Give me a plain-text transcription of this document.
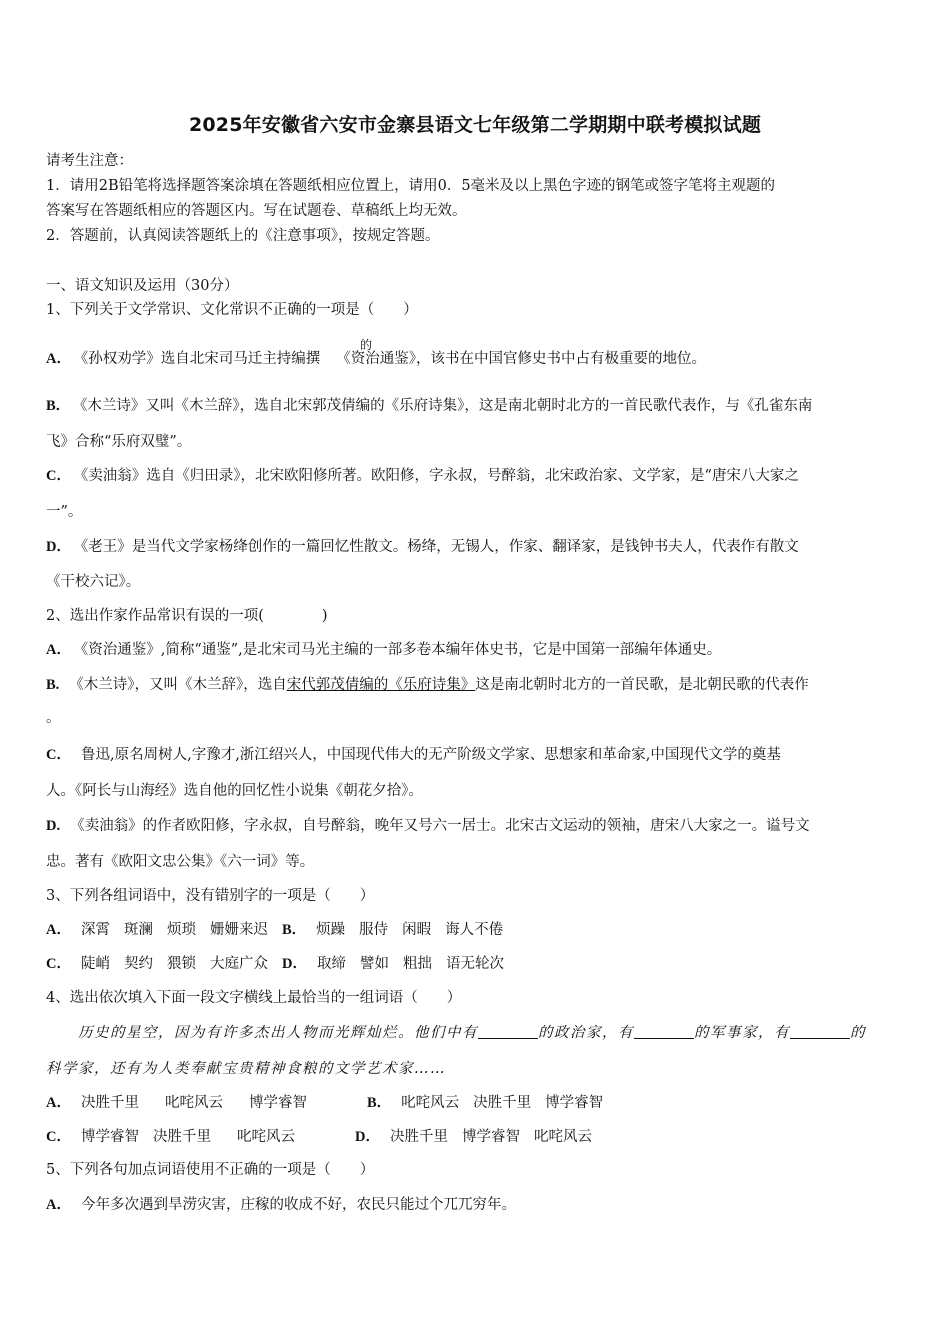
2025年安徽省六安市金寨县语文七年级第二学期期中联考模拟试题
请考生注意：
1．请用2B铅笔将选择题答案涂填在答题纸相应位置上，请用0．5毫米及以上黑色字迹的钢笔或签字笔将主观题的
答案写在答题纸相应的答题区内。写在试题卷、草稿纸上均无效。
2．答题前，认真阅读答题纸上的《注意事项》，按规定答题。
一、语文知识及运用（30分）
1、下列关于文学常识、文化常识不正确的一项是（　　）
A． 《孙权劝学》选自北宋司马迁主持编撰 《资治通鉴》，该书在中国官修史书中占有极重要的地位。
的
B． 《木兰诗》又叫《木兰辞》，选自北宋郭茂倩编的《乐府诗集》，这是南北朝时北方的一首民歌代表作，与《孔雀东南
飞》合称“乐府双璧”。
C． 《卖油翁》选自《归田录》，北宋欧阳修所著。欧阳修，字永叔，号醉翁，北宋政治家、文学家，是“唐宋八大家之
一”。
D． 《老王》是当代文学家杨绛创作的一篇回忆性散文。杨绛，无锡人，作家、翻译家，是钱钟书夫人，代表作有散文
《干校六记》。
2、选出作家作品常识有误的一项(　　　　)
A． 《资治通鉴》,简称“通鉴”,是北宋司马光主编的一部多卷本编年体史书，它是中国第一部编年体通史。
B. 《木兰诗》，又叫《木兰辞》，选自宋代郭茂倩编的《乐府诗集》这是南北朝时北方的一首民歌，是北朝民歌的代表作
。
C． 鲁迅,原名周树人,字豫才,浙江绍兴人，中国现代伟大的无产阶级文学家、思想家和革命家,中国现代文学的奠基
人。《阿长与山海经》选自他的回忆性小说集《朝花夕拾》。
D. 《卖油翁》的作者欧阳修，字永叔，自号醉翁，晚年又号六一居士。北宋古文运动的领袖，唐宋八大家之一。谥号文
忠。著有《欧阳文忠公集》《六一词》等。
3、下列各组词语中，没有错别字的一项是（　　）
A． 深霄 斑澜 烦琐 姗姗来迟 B． 烦躁 服侍 闲暇 诲人不倦
C． 陡峭 契约 猥锁 大庭广众 D． 取缔 譬如 粗拙 语无轮次
4、选出依次填入下面一段文字横线上最恰当的一组词语（　　）
历史的星空，因为有许多杰出人物而光辉灿烂。他们中有	的政治家，有	的军事家，有	的
科学家，还有为人类奉献宝贵精神食粮的文学艺术家……
A． 决胜千里 叱咤风云 博学睿智	B． 叱咤风云 决胜千里 博学睿智
C． 博学睿智 决胜千里 叱咤风云	D． 决胜千里 博学睿智 叱咤风云
5、下列各句加点词语使用不正确的一项是（　　）
A． 今年多次遇到旱涝灾害，庄稼的收成不好，农民只能过个兀兀穷年。
